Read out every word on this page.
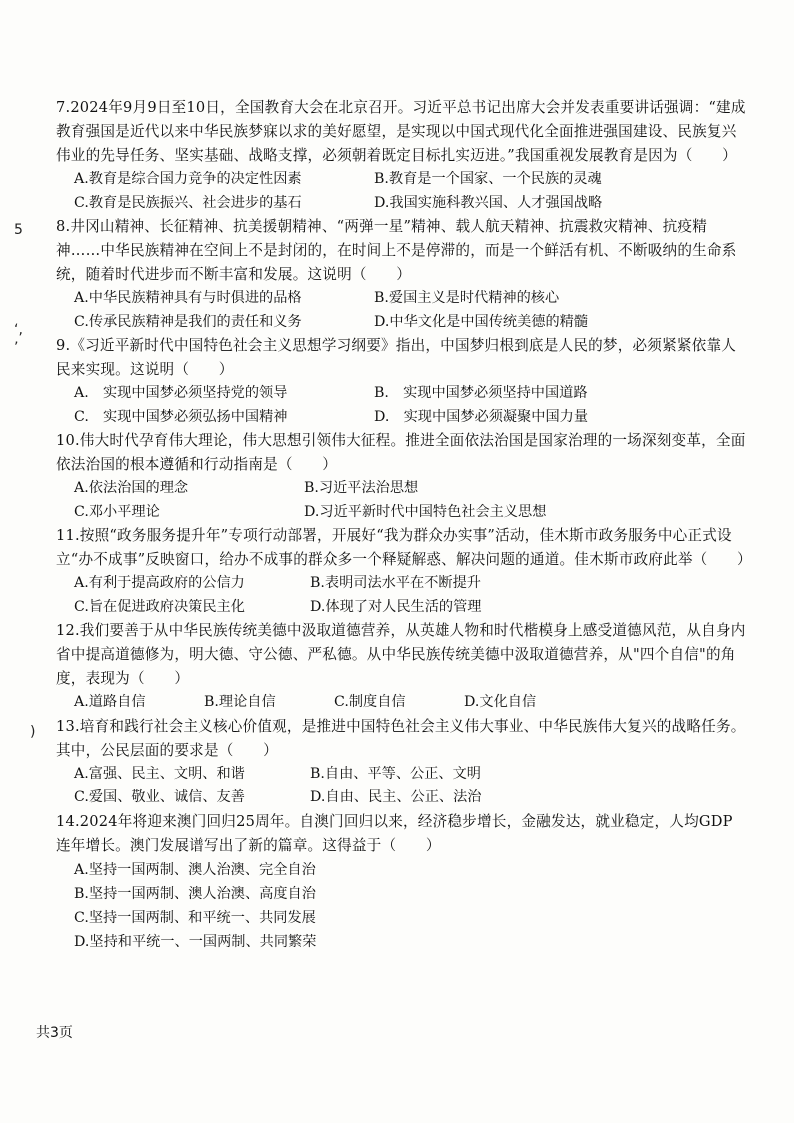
5
‘,
’
)

7.2024年9月9日至10日，全国教育大会在北京召开。习近平总书记出席大会并发表重要讲话强调：“建成教育强国是近代以来中华民族梦寐以求的美好愿望，是实现以中国式现代化全面推进强国建设、民族复兴伟业的先导任务、坚实基础、战略支撑，必须朝着既定目标扎实迈进。”我国重视发展教育是因为（　　）

A.教育是综合国力竞争的决定性因素	B.教育是一个国家、一个民族的灵魂
C.教育是民族振兴、社会进步的基石	D.我国实施科教兴国、人才强国战略

8.井冈山精神、长征精神、抗美援朝精神、“两弹一星”精神、载人航天精神、抗震救灾精神、抗疫精神……中华民族精神在空间上不是封闭的，在时间上不是停滞的，而是一个鲜活有机、不断吸纳的生命系统，随着时代进步而不断丰富和发展。这说明（　　）

A.中华民族精神具有与时俱进的品格	B.爱国主义是时代精神的核心
C.传承民族精神是我们的责任和义务	D.中华文化是中国传统美德的精髓

9.《习近平新时代中国特色社会主义思想学习纲要》指出，中国梦归根到底是人民的梦，必须紧紧依靠人民来实现。这说明（　　）

A.　实现中国梦必须坚持党的领导	B.　实现中国梦必须坚持中国道路
C.　实现中国梦必须弘扬中国精神	D.　实现中国梦必须凝聚中国力量

10.伟大时代孕育伟大理论，伟大思想引领伟大征程。推进全面依法治国是国家治理的一场深刻变革，全面依法治国的根本遵循和行动指南是（　　）

A.依法治国的理念	B.习近平法治思想
C.邓小平理论	D.习近平新时代中国特色社会主义思想

11.按照“政务服务提升年”专项行动部署，开展好“我为群众办实事”活动，佳木斯市政务服务中心正式设立“办不成事”反映窗口，给办不成事的群众多一个释疑解惑、解决问题的通道。佳木斯市政府此举（　　）

A.有利于提高政府的公信力	B.表明司法水平在不断提升
C.旨在促进政府决策民主化	D.体现了对人民生活的管理

12.我们要善于从中华民族传统美德中汲取道德营养，从英雄人物和时代楷模身上感受道德风范，从自身内省中提高道德修为，明大德、守公德、严私德。从中华民族传统美德中汲取道德营养，从"四个自信"的角度，表现为（　　）

A.道路自信	B.理论自信	C.制度自信	D.文化自信

13.培育和践行社会主义核心价值观，是推进中国特色社会主义伟大事业、中华民族伟大复兴的战略任务。其中，公民层面的要求是（　　）

A.富强、民主、文明、和谐	B.自由、平等、公正、文明
C.爱国、敬业、诚信、友善	D.自由、民主、公正、法治

14.2024年将迎来澳门回归25周年。自澳门回归以来，经济稳步增长，金融发达，就业稳定，人均GDP连年增长。澳门发展谱写出了新的篇章。这得益于（　　）

A.坚持一国两制、澳人治澳、完全自治
B.坚持一国两制、澳人治澳、高度自治
C.坚持一国两制、和平统一、共同发展
D.坚持和平统一、一国两制、共同繁荣
共3页
